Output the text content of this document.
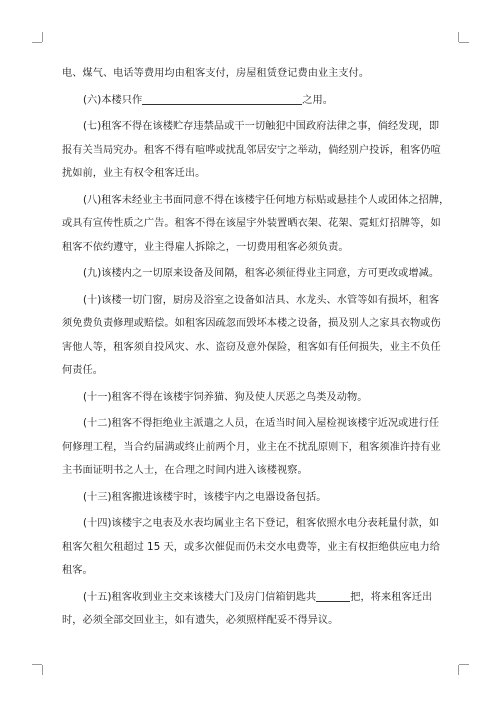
电、煤气、电话等费用均由租客支付，房屋租赁登记费由业主支付。

(六)本楼只作	之用。

(七)租客不得在该楼贮存违禁品或干一切触犯中国政府法律之事，倘经发现，即
报有关当局究办。租客不得有喧哗或扰乱邻居安宁之举动，倘经别户投诉，租客仍喧
扰如前，业主有权令租客迁出。

(八)租客未经业主书面同意不得在该楼宇任何地方标贴或悬挂个人或团体之招牌，
或具有宣传性质之广告。租客不得在该屋宇外装置晒衣架、花架、霓虹灯招牌等，如
租客不依约遵守，业主得雇人拆除之，一切费用租客必须负责。

(九)该楼内之一切原来设备及间隔，租客必须征得业主同意，方可更改或增减。

(十)该楼一切门窗，厨房及浴室之设备如洁具、水龙头、水管等如有损坏，租客
须免费负责修理或赔偿。如租客因疏忽而毁坏本楼之设备，损及别人之家具衣物或伤
害他人等，租客须自投风灾、水、盗窃及意外保险，租客如有任何损失，业主不负任
何责任。

(十一)租客不得在该楼宇饲养猫、狗及使人厌恶之鸟类及动物。

(十二)租客不得拒绝业主派遣之人员，在适当时间入屋检视该楼宇近况或进行任
何修理工程，当合约届满或终止前两个月，业主在不扰乱原则下，租客须准许持有业
主书面证明书之人士，在合理之时间内进入该楼视察。

(十三)租客搬进该楼宇时，该楼宇内之电器设备包括。

(十四)该楼宇之电表及水表均属业主名下登记，租客依照水电分表耗量付款，如
租客欠租欠租超过 15 天，或多次催促而仍未交水电费等，业主有权拒绝供应电力给
租客。

(十五)租客收到业主交来该楼大门及房门信箱钥匙共	把，将来租客迁出
时，必须全部交回业主，如有遗失，必须照样配妥不得异议。
